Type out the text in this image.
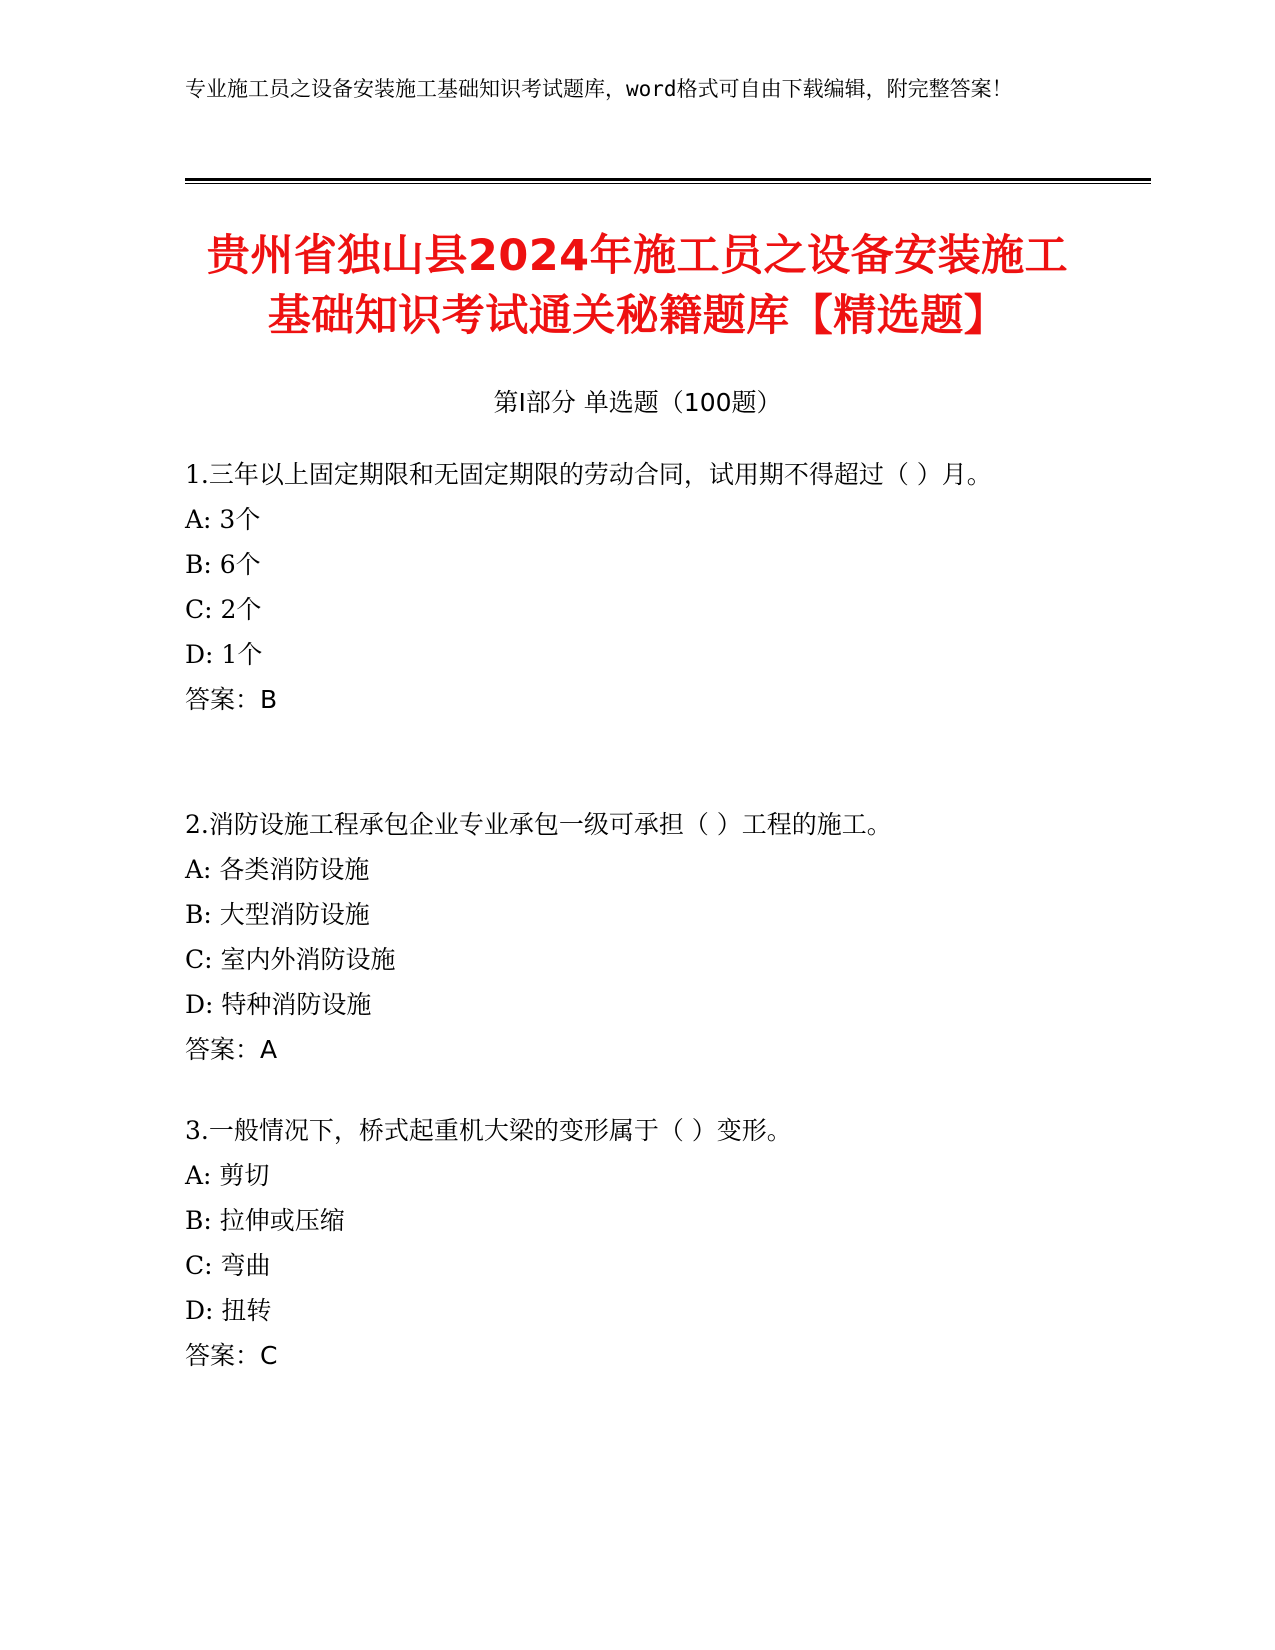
专业施工员之设备安装施工基础知识考试题库，word格式可自由下载编辑，附完整答案！
贵州省独山县2024年施工员之设备安装施工
基础知识考试通关秘籍题库【精选题】
第Ⅰ部分 单选题（100题）

1.三年以上固定期限和无固定期限的劳动合同，试用期不得超过（ ）月。

A: 3个

B: 6个

C: 2个

D: 1个

答案：B

2.消防设施工程承包企业专业承包一级可承担（ ）工程的施工。

A: 各类消防设施

B: 大型消防设施

C: 室内外消防设施

D: 特种消防设施

答案：A

3.一般情况下，桥式起重机大梁的变形属于（ ）变形。

A: 剪切

B: 拉伸或压缩

C: 弯曲

D: 扭转

答案：C
